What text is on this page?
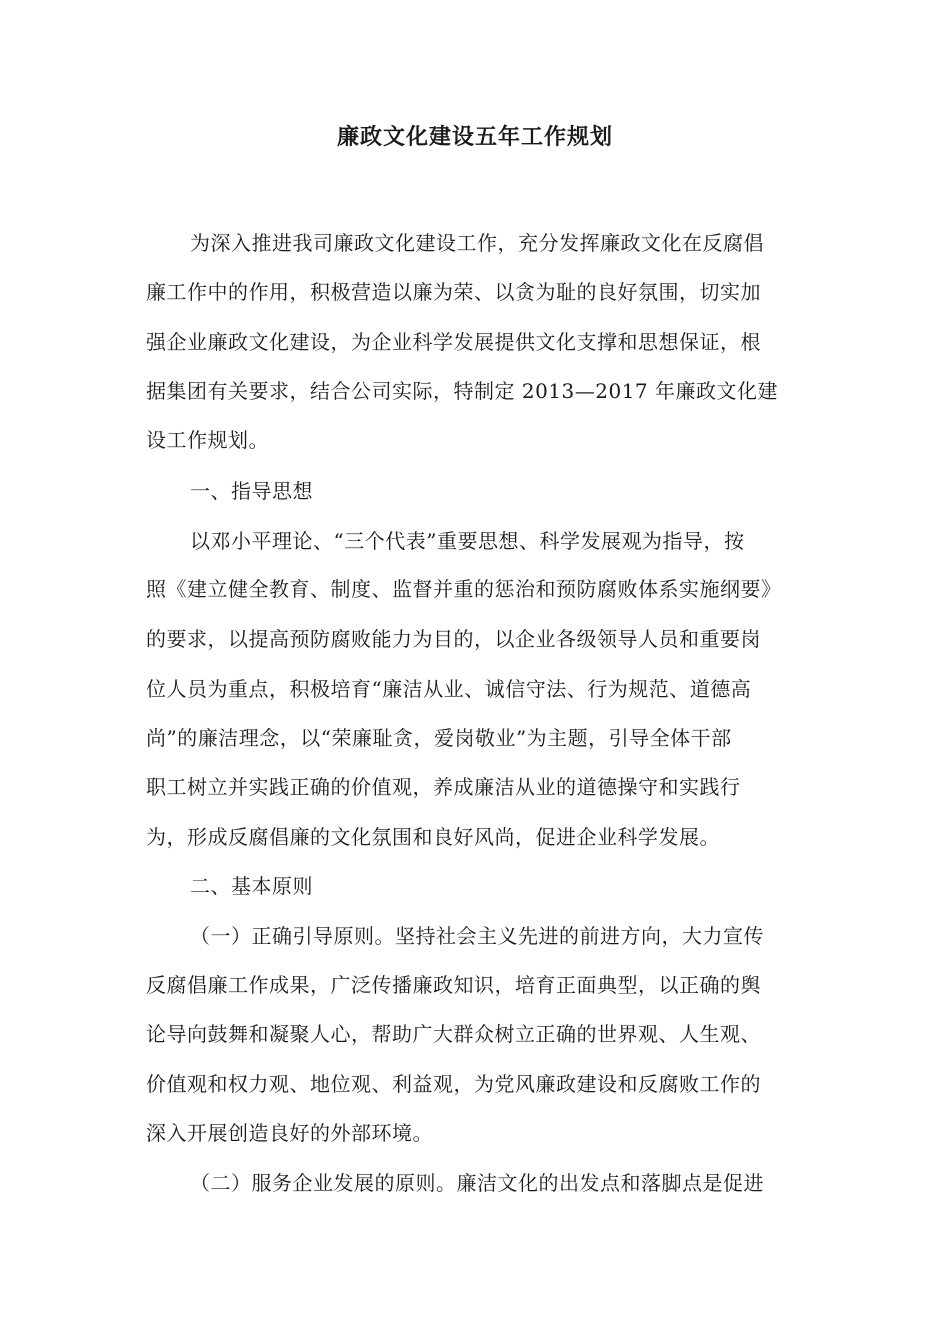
廉政文化建设五年工作规划
为深入推进我司廉政文化建设工作，充分发挥廉政文化在反腐倡
廉工作中的作用，积极营造以廉为荣、以贪为耻的良好氛围，切实加
强企业廉政文化建设，为企业科学发展提供文化支撑和思想保证，根
据集团有关要求，结合公司实际，特制定 2013—2017 年廉政文化建
设工作规划。
一、指导思想
以邓小平理论、“三个代表”重要思想、科学发展观为指导，按
照《建立健全教育、制度、监督并重的惩治和预防腐败体系实施纲要》
的要求，以提高预防腐败能力为目的，以企业各级领导人员和重要岗
位人员为重点，积极培育“廉洁从业、诚信守法、行为规范、道德高
尚”的廉洁理念，以“荣廉耻贪，爱岗敬业”为主题，引导全体干部
职工树立并实践正确的价值观，养成廉洁从业的道德操守和实践行
为，形成反腐倡廉的文化氛围和良好风尚，促进企业科学发展。
二、基本原则
（一）正确引导原则。坚持社会主义先进的前进方向，大力宣传
反腐倡廉工作成果，广泛传播廉政知识，培育正面典型，以正确的舆
论导向鼓舞和凝聚人心，帮助广大群众树立正确的世界观、人生观、
价值观和权力观、地位观、利益观，为党风廉政建设和反腐败工作的
深入开展创造良好的外部环境。
（二）服务企业发展的原则。廉洁文化的出发点和落脚点是促进
